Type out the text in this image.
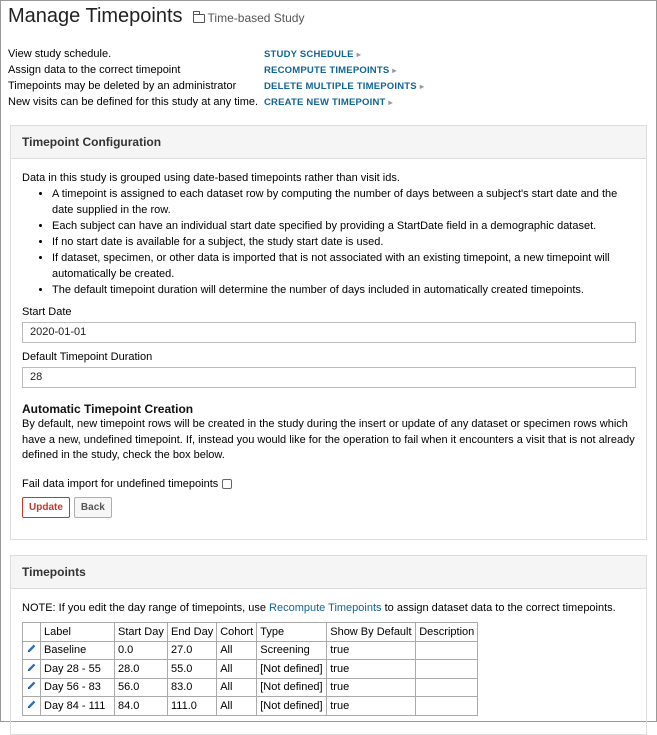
Manage Timepoints Time-based Study
View study schedule.	STUDY SCHEDULE ▸
Assign data to the correct timepoint	RECOMPUTE TIMEPOINTS ▸
Timepoints may be deleted by an administrator	DELETE MULTIPLE TIMEPOINTS ▸
New visits can be defined for this study at any time. CREATE NEW TIMEPOINT ▸
Timepoint Configuration
Data in this study is grouped using date-based timepoints rather than visit ids.
• A timepoint is assigned to each dataset row by computing the number of days between a subject's start date and the date supplied in the row.
• Each subject can have an individual start date specified by providing a StartDate field in a demographic dataset.
• If no start date is available for a subject, the study start date is used.
• If dataset, specimen, or other data is imported that is not associated with an existing timepoint, a new timepoint will automatically be created.
• The default timepoint duration will determine the number of days included in automatically created timepoints.
Start Date
2020-01-01
Default Timepoint Duration
28
Automatic Timepoint Creation
By default, new timepoint rows will be created in the study during the insert or update of any dataset or specimen rows which have a new, undefined timepoint. If, instead you would like for the operation to fail when it encounters a visit that is not already defined in the study, check the box below.
Fail data import for undefined timepoints
Update	Back
Timepoints
NOTE: If you edit the day range of timepoints, use Recompute Timepoints to assign dataset data to the correct timepoints.
	Label	Start Day	End Day	Cohort	Type	Show By Default	Description
	Baseline	0.0	27.0	All	Screening	true	
	Day 28 - 55	28.0	55.0	All	[Not defined]	true	
	Day 56 - 83	56.0	83.0	All	[Not defined]	true	
	Day 84 - 111	84.0	111.0	All	[Not defined]	true	
